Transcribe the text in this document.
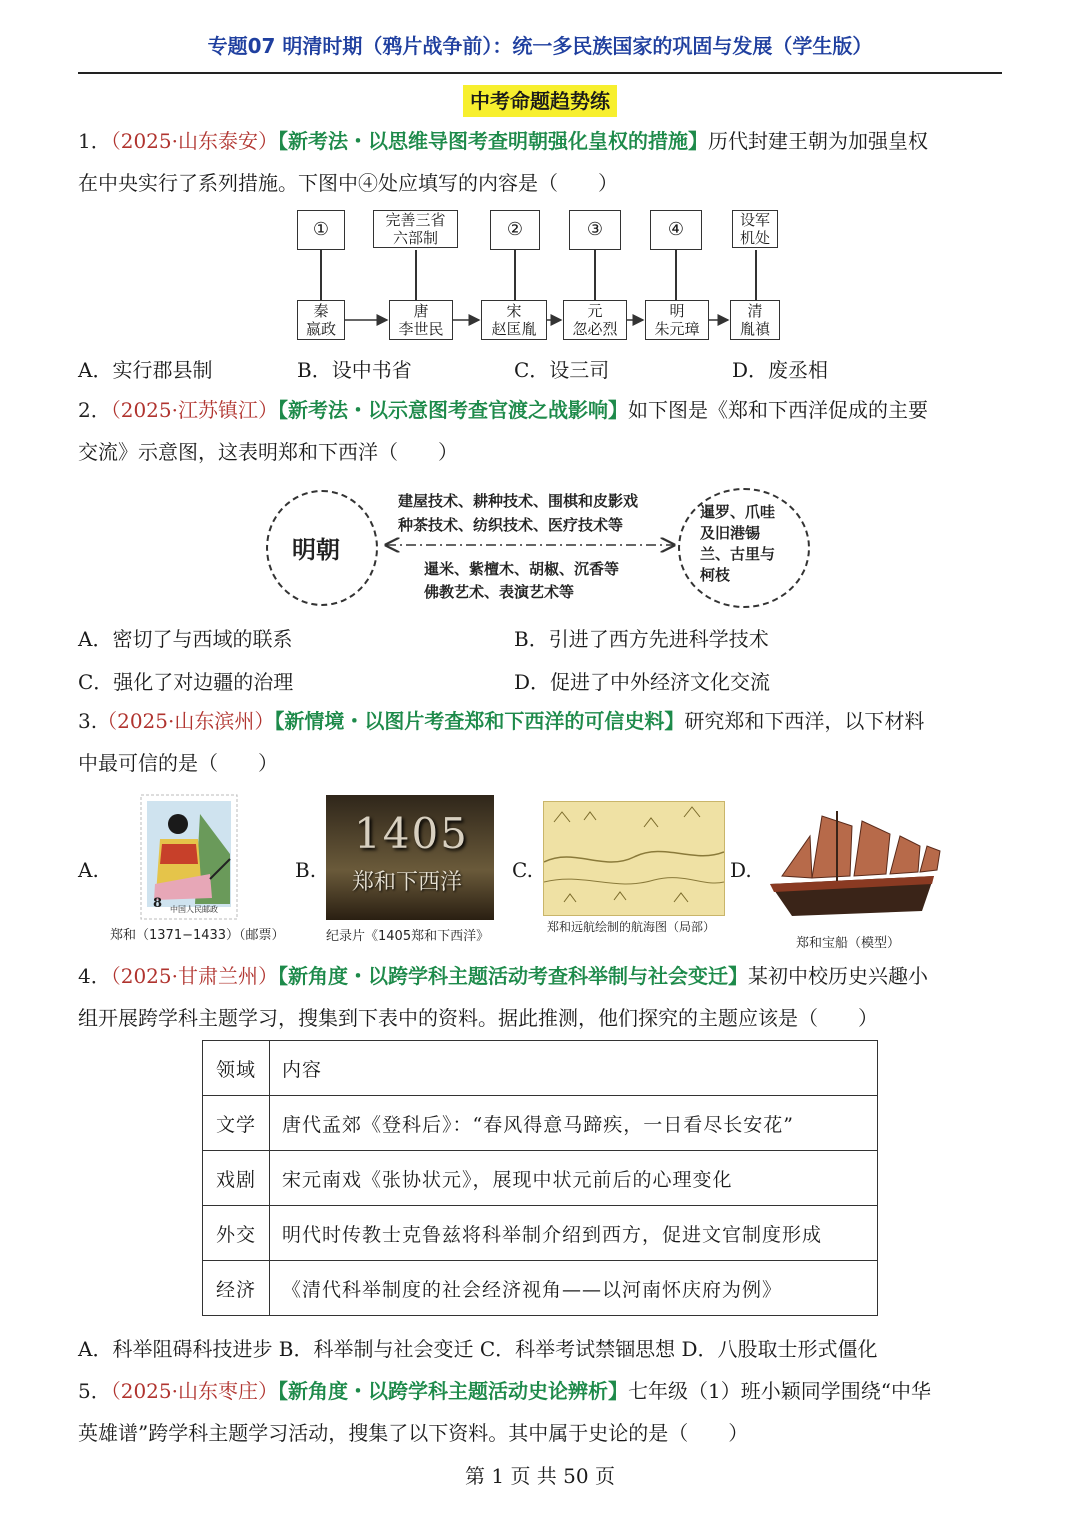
专题07 明清时期（鸦片战争前）：统一多民族国家的巩固与发展（学生版）
中考命题趋势练
1．（2025·山东泰安）【新考法・以思维导图考查明朝强化皇权的措施】历代封建王朝为加强皇权
在中央实行了系列措施。下图中④处应填写的内容是（　　）
①	完善三省六部制	②	③	④	设军机处
秦
嬴政
唐
李世民
宋
赵匡胤
元
忽必烈
明
朱元璋
清
胤禛
A．实行郡县制	B．设中书省	C．设三司	D．废丞相
2．（2025·江苏镇江）【新考法・以示意图考查官渡之战影响】如下图是《郑和下西洋促成的主要
交流》示意图，这表明郑和下西洋（　　）
明朝
暹罗、爪哇
及旧港锡
兰、古里与
柯枝
建屋技术、耕种技术、围棋和皮影戏
种茶技术、纺织技术、医疗技术等
暹米、紫檀木、胡椒、沉香等
佛教艺术、表演艺术等
A．密切了与西域的联系	B．引进了西方先进科学技术
C．强化了对边疆的治理	D．促进了中外经济文化交流
3.（2025·山东滨州）【新情境・以图片考查郑和下西洋的可信史料】研究郑和下西洋，以下材料
中最可信的是（　　）
A.	B.	C.	D.
8 中国人民邮政
郑和（1371−1433）（邮票）
1405
郑和下西洋
纪录片《1405郑和下西洋》
郑和远航绘制的航海图（局部）
郑和宝船（模型）
4．（2025·甘肃兰州）【新角度・以跨学科主题活动考查科举制与社会变迁】某初中校历史兴趣小
组开展跨学科主题学习，搜集到下表中的资料。据此推测，他们探究的主题应该是（　　）
领域	内容
文学	唐代孟郊《登科后》：“春风得意马蹄疾，一日看尽长安花”
戏剧	宋元南戏《张协状元》，展现中状元前后的心理变化
外交	明代时传教士克鲁兹将科举制介绍到西方，促进文官制度形成
经济	《清代科举制度的社会经济视角——以河南怀庆府为例》
A．科举阻碍科技进步 B．科举制与社会变迁 C．科举考试禁锢思想 D．八股取士形式僵化
5．（2025·山东枣庄）【新角度・以跨学科主题活动史论辨析】七年级（1）班小颖同学围绕“中华
英雄谱”跨学科主题学习活动，搜集了以下资料。其中属于史论的是（　　）
第 1 页 共 50 页
